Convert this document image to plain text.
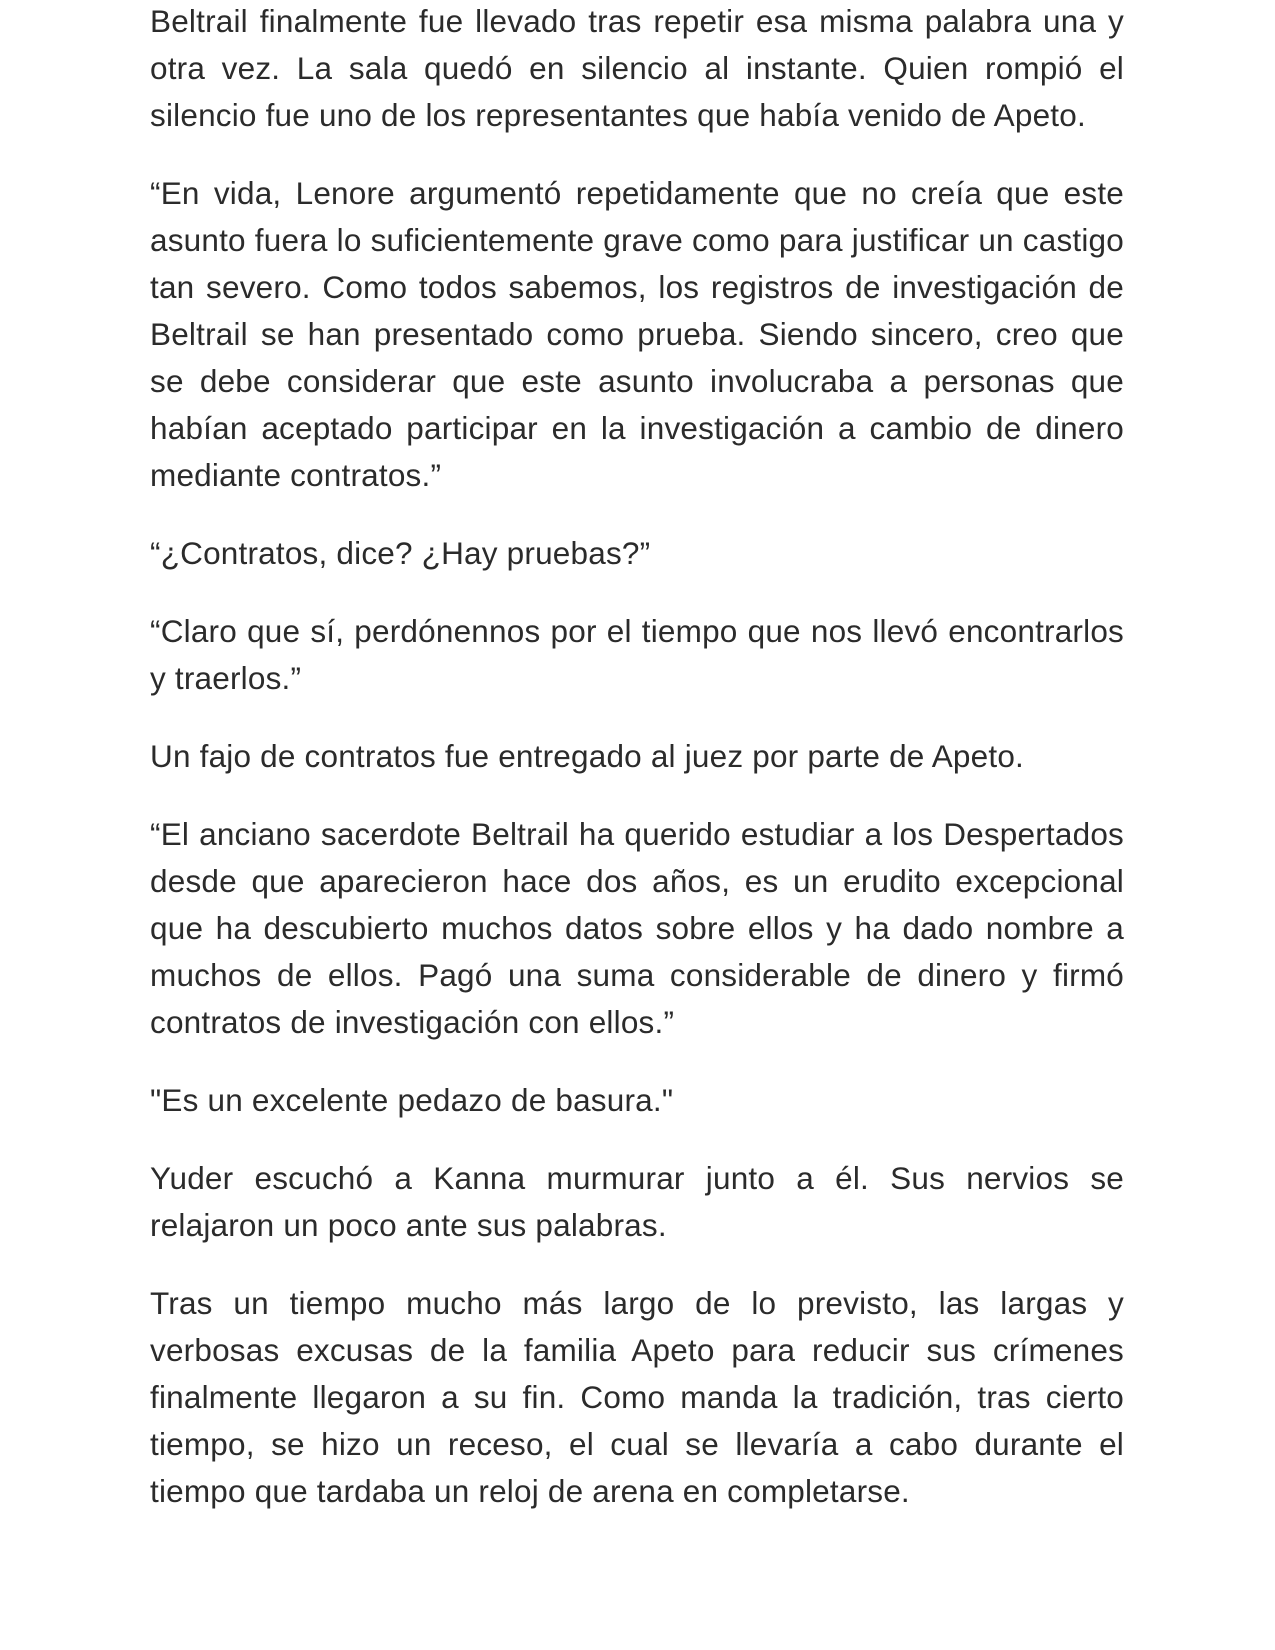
Beltrail finalmente fue llevado tras repetir esa misma palabra una y otra vez. La sala quedó en silencio al instante. Quien rompió el silencio fue uno de los representantes que había venido de Apeto.

“En vida, Lenore argumentó repetidamente que no creía que este asunto fuera lo suficientemente grave como para justificar un castigo tan severo. Como todos sabemos, los registros de investigación de Beltrail se han presentado como prueba. Siendo sincero, creo que se debe considerar que este asunto involucraba a personas que habían aceptado participar en la investigación a cambio de dinero mediante contratos.”

“¿Contratos, dice? ¿Hay pruebas?”

“Claro que sí, perdónennos por el tiempo que nos llevó encontrarlos y traerlos.”

Un fajo de contratos fue entregado al juez por parte de Apeto.

“El anciano sacerdote Beltrail ha querido estudiar a los Despertados desde que aparecieron hace dos años, es un erudito excepcional que ha descubierto muchos datos sobre ellos y ha dado nombre a muchos de ellos. Pagó una suma considerable de dinero y firmó contratos de investigación con ellos.”

"Es un excelente pedazo de basura."

Yuder escuchó a Kanna murmurar junto a él. Sus nervios se relajaron un poco ante sus palabras.

Tras un tiempo mucho más largo de lo previsto, las largas y verbosas excusas de la familia Apeto para reducir sus crímenes finalmente llegaron a su fin. Como manda la tradición, tras cierto tiempo, se hizo un receso, el cual se llevaría a cabo durante el tiempo que tardaba un reloj de arena en completarse.
